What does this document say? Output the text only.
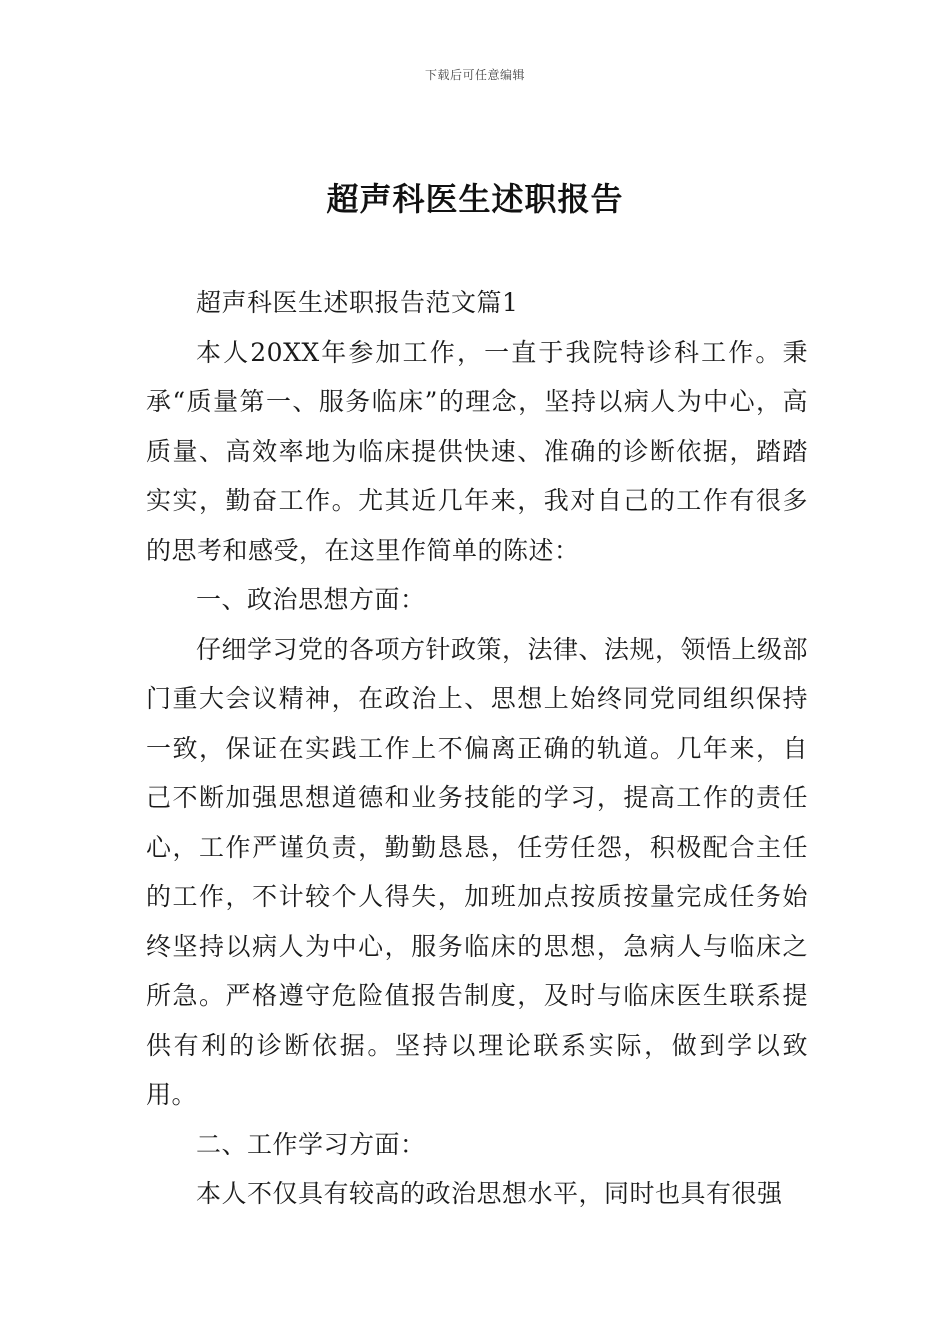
下载后可任意编辑
超声科医生述职报告

超声科医生述职报告范文篇1

本人20XX年参加工作，一直于我院特诊科工作。秉承“质量第一、服务临床”的理念，坚持以病人为中心，高质量、高效率地为临床提供快速、准确的诊断依据，踏踏实实，勤奋工作。尤其近几年来，我对自己的工作有很多的思考和感受，在这里作简单的陈述：

一、政治思想方面：

仔细学习党的各项方针政策，法律、法规，领悟上级部门重大会议精神，在政治上、思想上始终同党同组织保持一致，保证在实践工作上不偏离正确的轨道。几年来，自己不断加强思想道德和业务技能的学习，提高工作的责任心，工作严谨负责，勤勤恳恳，任劳任怨，积极配合主任的工作，不计较个人得失，加班加点按质按量完成任务始终坚持以病人为中心，服务临床的思想，急病人与临床之所急。严格遵守危险值报告制度，及时与临床医生联系提供有利的诊断依据。坚持以理论联系实际，做到学以致用。

二、工作学习方面：

本人不仅具有较高的政治思想水平，同时也具有很强
